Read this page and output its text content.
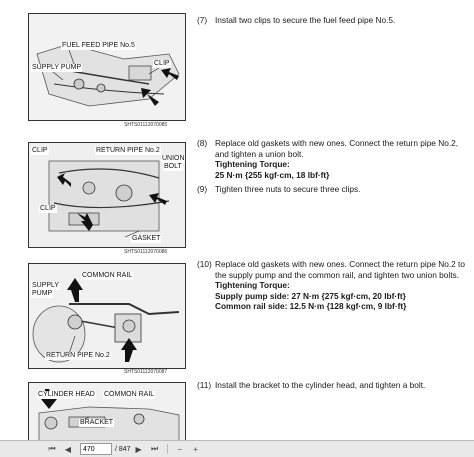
FUEL FEED PIPE No.5
SUPPLY PUMP
CLIP
SHTS01112070085
CLIP	RETURN PIPE No.2
UNION
BOLT
CLIP
GASKET
SHTS01112070086
COMMON RAIL
SUPPLY
PUMP
RETURN PIPE No.2
SHTS01112070087
CYLINDER HEAD COMMON RAIL
BRACKET
(7) Install two clips to secure the fuel feed pipe No.5.
(8) Replace old gaskets with new ones. Connect the return pipe No.2, and tighten a union bolt.
Tightening Torque:
25 N·m {255 kgf·cm, 18 lbf·ft}
(9) Tighten three nuts to secure three clips.
(10) Replace old gaskets with new ones. Connect the return pipe No.2 to the supply pump and the common rail, and tighten two union bolts.
Tightening Torque:
Supply pump side: 27 N·m {275 kgf·cm, 20 lbf·ft}
Common rail side: 12.5 N·m {128 kgf·cm, 9 lbf·ft}
(11) Install the bracket to the cylinder head, and tighten a bolt.
⏮	◀
470	/ 847 ▶	⏭	−	+
